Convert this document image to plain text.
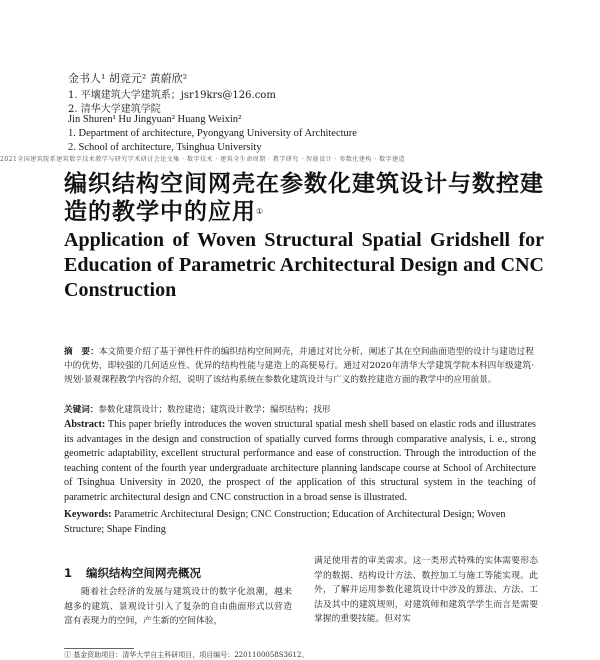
金书人¹ 胡竞元² 黄蔚欣²
1. 平壤建筑大学建筑系；jsr19krs@126.com
2. 清华大学建筑学院
Jin Shuren¹ Hu Jingyuan² Huang Weixin²
1. Department of architecture, Pyongyang University of Architecture
2. School of architecture, Tsinghua University
2021全国建筑院系建筑数字技术教学与研究学术研讨会论文集 · 数字技术 · 建筑全生命周期 · 教学研究 · 智能设计 · 参数化建构 · 数字建造
编织结构空间网壳在参数化建筑设计与数控建造的教学中的应用①
Application of Woven Structural Spatial Gridshell for Education of Parametric Architectural Design and CNC Construction
摘　要：本文简要介绍了基于弹性杆件的编织结构空间网壳，并通过对比分析，阐述了其在空间曲面造型的设计与建造过程中的优势，即较强的几何适应性、优异的结构性能与建造上的高便易行。通过对2020年清华大学建筑学院本科四年级建筑·规划·景观课程教学内容的介绍，说明了该结构系统在参数化建筑设计与广义的数控建造方面的教学中的应用前景。
关键词：参数化建筑设计；数控建造；建筑设计教学；编织结构；找形
Abstract: This paper briefly introduces the woven structural spatial mesh shell based on elastic rods and illustrates its advantages in the design and construction of spatially curved forms through comparative analysis, i. e., strong geometric adaptability, excellent structural performance and ease of construction. Through the introduction of the teaching content of the fourth year undergraduate architecture planning landscape course at School of Architecture of Tsinghua University in 2020, the prospect of the application of this structural system in the teaching of parametric architectural design and CNC construction in a broad sense is illustrated.
Keywords: Parametric Architectural Design; CNC Construction; Education of Architectural Design; Woven Structure; Shape Finding
1 编织结构空间网壳概况
随着社会经济的发展与建筑设计的数字化浪潮，越来越多的建筑、景观设计引入了复杂的自由曲面形式以营造富有表现力的空间，产生新的空间体验，
满足使用者的审美需求。这一类形式特殊的实体需要形态学的数据、结构设计方法、数控加工与施工等能实现。此外，了解并运用参数化建筑设计中涉及的算法、方法、工法及其中的建筑规则，对建筑师和建筑学学生而言是需要掌握的重要技能。但对实
① 基金资助项目：清华大学自主科研项目，项目编号：2201100058S3612。
